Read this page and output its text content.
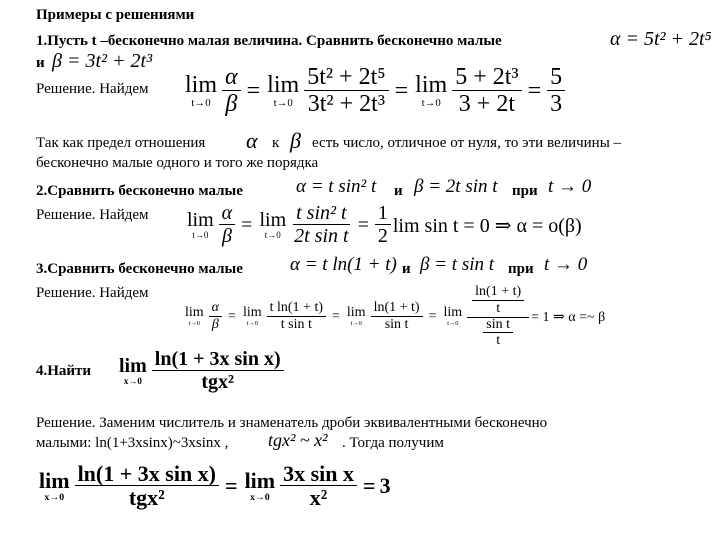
Примеры с решениями
1.Пусть t –бесконечно малая величина. Сравнить бесконечно малые	α = 5t² + 2t⁵
и β = 3t² + 2t³
Решение. Найдем lim
$t\to 0 \frac{\alpha}{\beta} = \lim$
$t\to 0 \frac{\text{5t² + 2t⁵}}{\text{3t² + 2t³}} = \lim$
$t\to 0 \frac{\text{5 + 2t³}}{3 + 2t} = \frac{5}{3}$
Так как предел отношения α к β есть число, отличное от нуля, то эти величины –
бесконечно малые одного и того же порядка
2.Сравнить бесконечно малые	α = t sin² t и β = 2t sin t при t → 0
Решение. Найдем lim
$t\to 0 \frac{\alpha}{\beta} = \lim$
$t\to 0 \frac{\text{t sin² t}}{\text{2t sin t}} = \frac{1}{2}$ lim sin t = 0 ⇒ α = o(β)
3.Сравнить бесконечно малые α = t ln(1 + t) и β = t sin t при t → 0
Решение. Найдем
lim
$t\to 0 \frac{\alpha}{\beta} = \lim$
$t\to 0 \frac{\text{t ln(1 + t)}}{\text{t sin t}} = \lim$
$t\to 0 \frac{\ln(1 + t)}{\text{sin t}} = \lim$
$t\to 0 \frac{\frac{\ln(1 + t)}{t}}{\frac{\text{sin t}}{t}} = 1$ ⇒ α =~ β
4.Найти lim
$x\to 0 \frac{\text{ln(1 + 3x sin x)}}{\text{tgx²}}$
Решение. Заменим числитель и знаменатель дроби эквивалентными бесконечно
малыми: ln(1+3xsinx)~3xsinx , tgx² ~ x² . Тогда получим
lim
$x\to 0 \frac{\text{ln(1 + 3x sin x)}}{\text{tgx²}} = \lim$
$x\to 0 \frac{\text{3x sin x}}{\text{x²}} = 3$
